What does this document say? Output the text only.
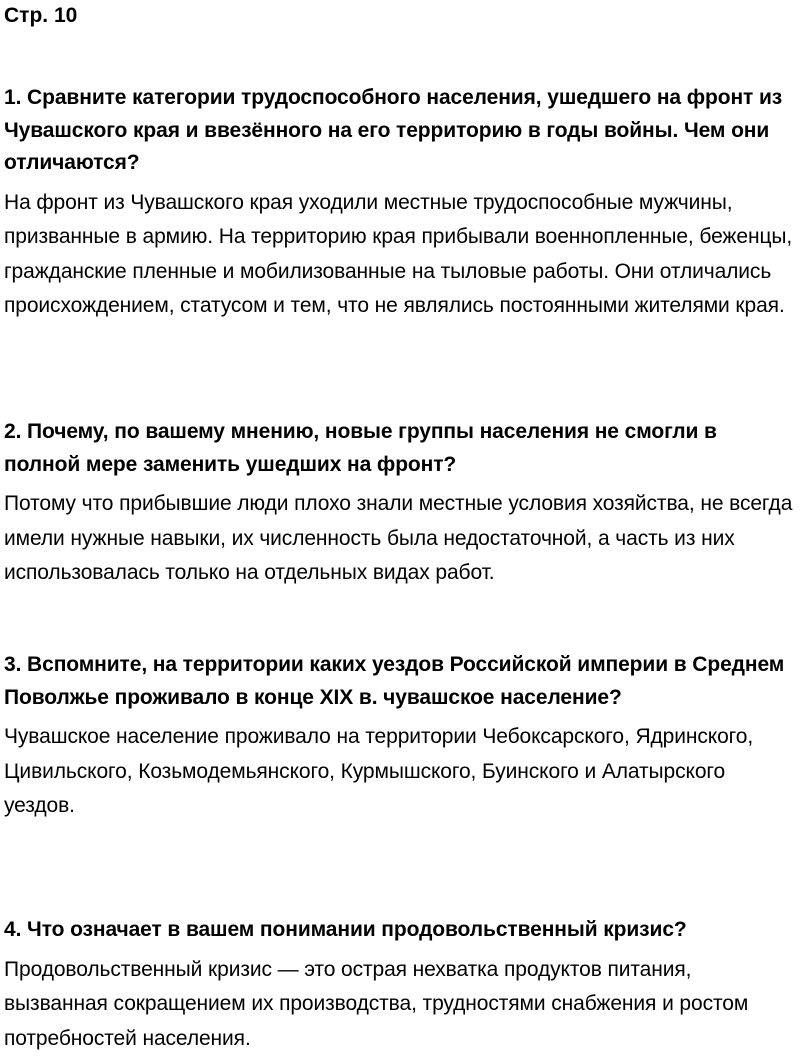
Стр. 10

1. Сравните категории трудоспособного населения, ушедшего на фронт из Чувашского края и ввезённого на его территорию в годы войны. Чем они отличаются?

На фронт из Чувашского края уходили местные трудоспособные мужчины, призванные в армию. На территорию края прибывали военнопленные, беженцы, гражданские пленные и мобилизованные на тыловые работы. Они отличались происхождением, статусом и тем, что не являлись постоянными жителями края.

2. Почему, по вашему мнению, новые группы населения не смогли в полной мере заменить ушедших на фронт?

Потому что прибывшие люди плохо знали местные условия хозяйства, не всегда имели нужные навыки, их численность была недостаточной, а часть из них использовалась только на отдельных видах работ.

3. Вспомните, на территории каких уездов Российской империи в Среднем Поволжье проживало в конце XIX в. чувашское население?

Чувашское население проживало на территории Чебоксарского, Ядринского, Цивильского, Козьмодемьянского, Курмышского, Буинского и Алатырского уездов.

4. Что означает в вашем понимании продовольственный кризис?

Продовольственный кризис — это острая нехватка продуктов питания, вызванная сокращением их производства, трудностями снабжения и ростом потребностей населения.
